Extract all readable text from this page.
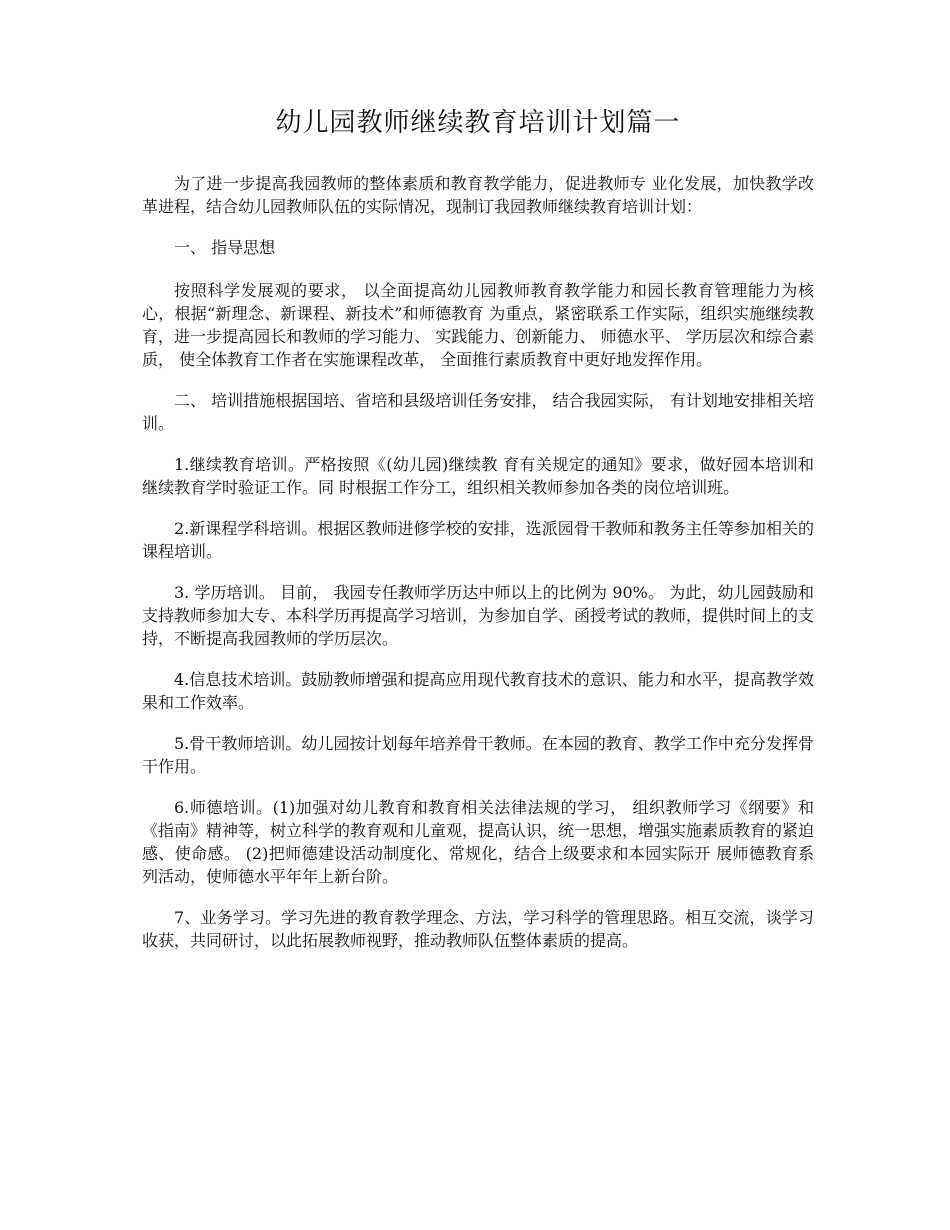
幼儿园教师继续教育培训计划篇一

为了进一步提高我园教师的整体素质和教育教学能力，促进教师专 业化发展，加快教学改革进程，结合幼儿园教师队伍的实际情况，现制订我园教师继续教育培训计划：

一、 指导思想

按照科学发展观的要求， 以全面提高幼儿园教师教育教学能力和园长教育管理能力为核心，根据“新理念、新课程、新技术”和师德教育 为重点，紧密联系工作实际，组织实施继续教育，进一步提高园长和教师的学习能力、 实践能力、创新能力、 师德水平、 学历层次和综合素质， 使全体教育工作者在实施课程改革， 全面推行素质教育中更好地发挥作用。

二、 培训措施根据国培、省培和县级培训任务安排， 结合我园实际， 有计划地安排相关培训。

1.继续教育培训。严格按照《(幼儿园)继续教 育有关规定的通知》要求，做好园本培训和继续教育学时验证工作。同 时根据工作分工，组织相关教师参加各类的岗位培训班。

2.新课程学科培训。根据区教师进修学校的安排，选派园骨干教师和教务主任等参加相关的课程培训。

3. 学历培训。 目前， 我园专任教师学历达中师以上的比例为 90%。 为此，幼儿园鼓励和支持教师参加大专、本科学历再提高学习培训，为参加自学、函授考试的教师，提供时间上的支持，不断提高我园教师的学历层次。

4.信息技术培训。鼓励教师增强和提高应用现代教育技术的意识、能力和水平，提高教学效果和工作效率。

5.骨干教师培训。幼儿园按计划每年培养骨干教师。在本园的教育、教学工作中充分发挥骨干作用。

6.师德培训。(1)加强对幼儿教育和教育相关法律法规的学习， 组织教师学习《纲要》和《指南》精神等，树立科学的教育观和儿童观，提高认识，统一思想，增强实施素质教育的紧迫感、使命感。 (2)把师德建设活动制度化、常规化，结合上级要求和本园实际开 展师德教育系列活动，使师德水平年年上新台阶。

7、业务学习。学习先进的教育教学理念、方法，学习科学的管理思路。相互交流，谈学习收获，共同研讨，以此拓展教师视野，推动教师队伍整体素质的提高。
